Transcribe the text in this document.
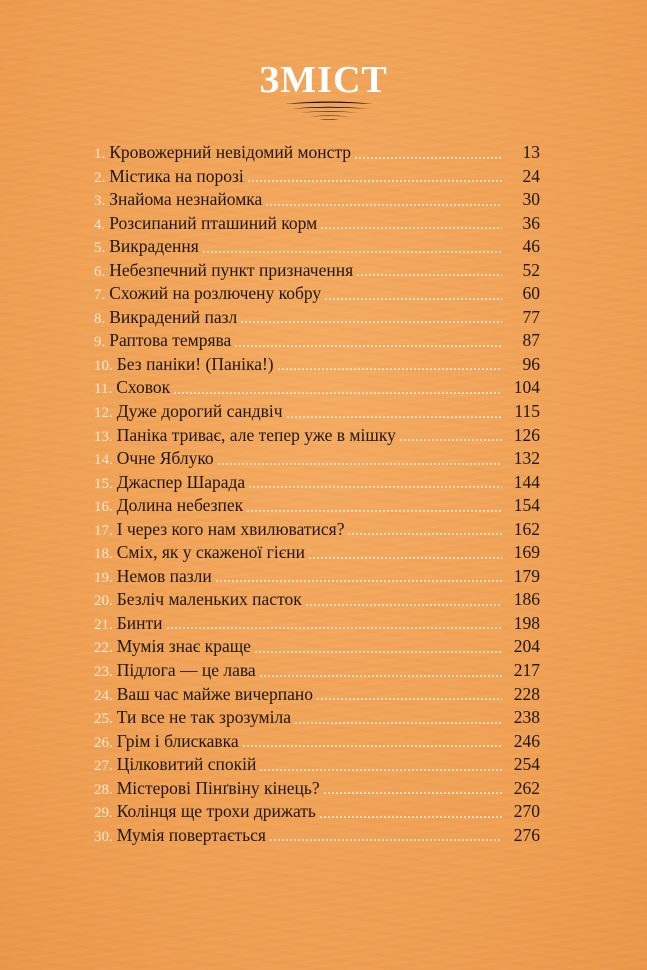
ЗМІСТ
1. Кровожерний невідомий монстр	13
2. Містика на порозі	24
3. Знайома незнайомка	30
4. Розсипаний пташиний корм	36
5. Викрадення	46
6. Небезпечний пункт призначення	52
7. Схожий на розлючену кобру	60
8. Викрадений пазл	77
9. Раптова темрява	87
10. Без паніки! (Паніка!)	96
11. Сховок	104
12. Дуже дорогий сандвіч	115
13. Паніка триває, але тепер уже в мішку	126
14. Очне Яблуко	132
15. Джаспер Шарада	144
16. Долина небезпек	154
17. І через кого нам хвилюватися?	162
18. Сміх, як у скаженої гієни	169
19. Немов пазли	179
20. Безліч маленьких пасток	186
21. Бинти	198
22. Мумія знає краще	204
23. Підлога — це лава	217
24. Ваш час майже вичерпано	228
25. Ти все не так зрозуміла	238
26. Грім і блискавка	246
27. Цілковитий спокій	254
28. Містерові Пінґвіну кінець?	262
29. Колінця ще трохи дрижать	270
30. Мумія повертається	276
